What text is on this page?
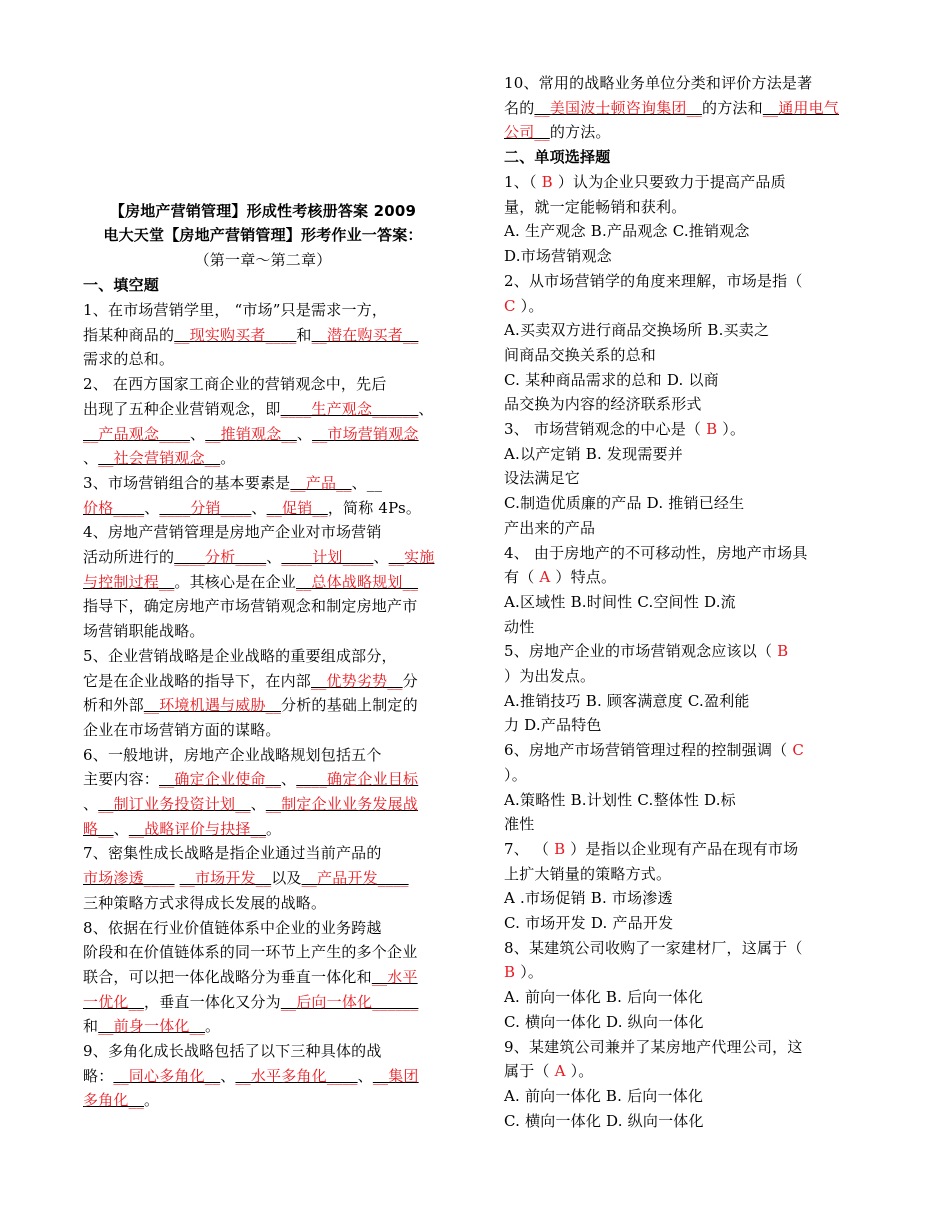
【房地产营销管理】形成性考核册答案 2009
电大天堂【房地产营销管理】形考作业一答案：
（第一章～第二章）
一、填空题
1、在市场营销学里， “市场”只是需求一方，
指某种商品的__现实购买者____和__潜在购买者__
需求的总和。
2、 在西方国家工商企业的营销观念中，先后
出现了五种企业营销观念，即____生产观念______、
__产品观念____、__推销观念__、__市场营销观念
、__社会营销观念__。
3、市场营销组合的基本要素是__产品__、__
价格____、____分销____、__促销__，简称 4Ps。
4、房地产营销管理是房地产企业对市场营销
活动所进行的____分析____、____计划____、__实施
与控制过程__。其核心是在企业__总体战略规划__
指导下，确定房地产市场营销观念和制定房地产市
场营销职能战略。
5、企业营销战略是企业战略的重要组成部分，
它是在企业战略的指导下，在内部__优势劣势__分
析和外部__环境机遇与威胁__分析的基础上制定的
企业在市场营销方面的谋略。
6、一般地讲，房地产企业战略规划包括五个
主要内容：__确定企业使命__、____确定企业目标
、__制订业务投资计划__、__制定企业业务发展战
略__、__战略评价与抉择__。
7、密集性成长战略是指企业通过当前产品的
市场渗透____ __市场开发__以及__产品开发____
三种策略方式求得成长发展的战略。
8、依据在行业价值链体系中企业的业务跨越
阶段和在价值链体系的同一环节上产生的多个企业
联合，可以把一体化战略分为垂直一体化和__水平
一优化__，垂直一体化又分为__后向一体化______
和__前身一体化__。
9、多角化成长战略包括了以下三种具体的战
略：__同心多角化__、__水平多角化____、__集团
多角化__。
10、常用的战略业务单位分类和评价方法是著
名的__美国波士顿咨询集团__的方法和__通用电气
公司__的方法。
二、单项选择题
1、（ B ）认为企业只要致力于提高产品质
量，就一定能畅销和获利。
A. 生产观念 B.产品观念 C.推销观念
D.市场营销观念
2、从市场营销学的角度来理解，市场是指（
C ）。
A.买卖双方进行商品交换场所 B.买卖之
间商品交换关系的总和
C. 某种商品需求的总和 D. 以商
品交换为内容的经济联系形式
3、 市场营销观念的中心是（ B ）。
A.以产定销 B. 发现需要并
设法满足它
C.制造优质廉的产品 D. 推销已经生
产出来的产品
4、 由于房地产的不可移动性，房地产市场具
有（ A ）特点。
A.区域性 B.时间性 C.空间性 D.流
动性
5、房地产企业的市场营销观念应该以（ B
）为出发点。
A.推销技巧 B. 顾客满意度 C.盈利能
力 D.产品特色
6、房地产市场营销管理过程的控制强调（ C
）。
A.策略性 B.计划性 C.整体性 D.标
准性
7、 （ B ）是指以企业现有产品在现有市场
上扩大销量的策略方式。
A .市场促销 B. 市场渗透
C. 市场开发 D. 产品开发
8、某建筑公司收购了一家建材厂，这属于（
B ）。
A. 前向一体化 B. 后向一体化
C. 横向一体化 D. 纵向一体化
9、某建筑公司兼并了某房地产代理公司，这
属于（ A ）。
A. 前向一体化 B. 后向一体化
C. 横向一体化 D. 纵向一体化
